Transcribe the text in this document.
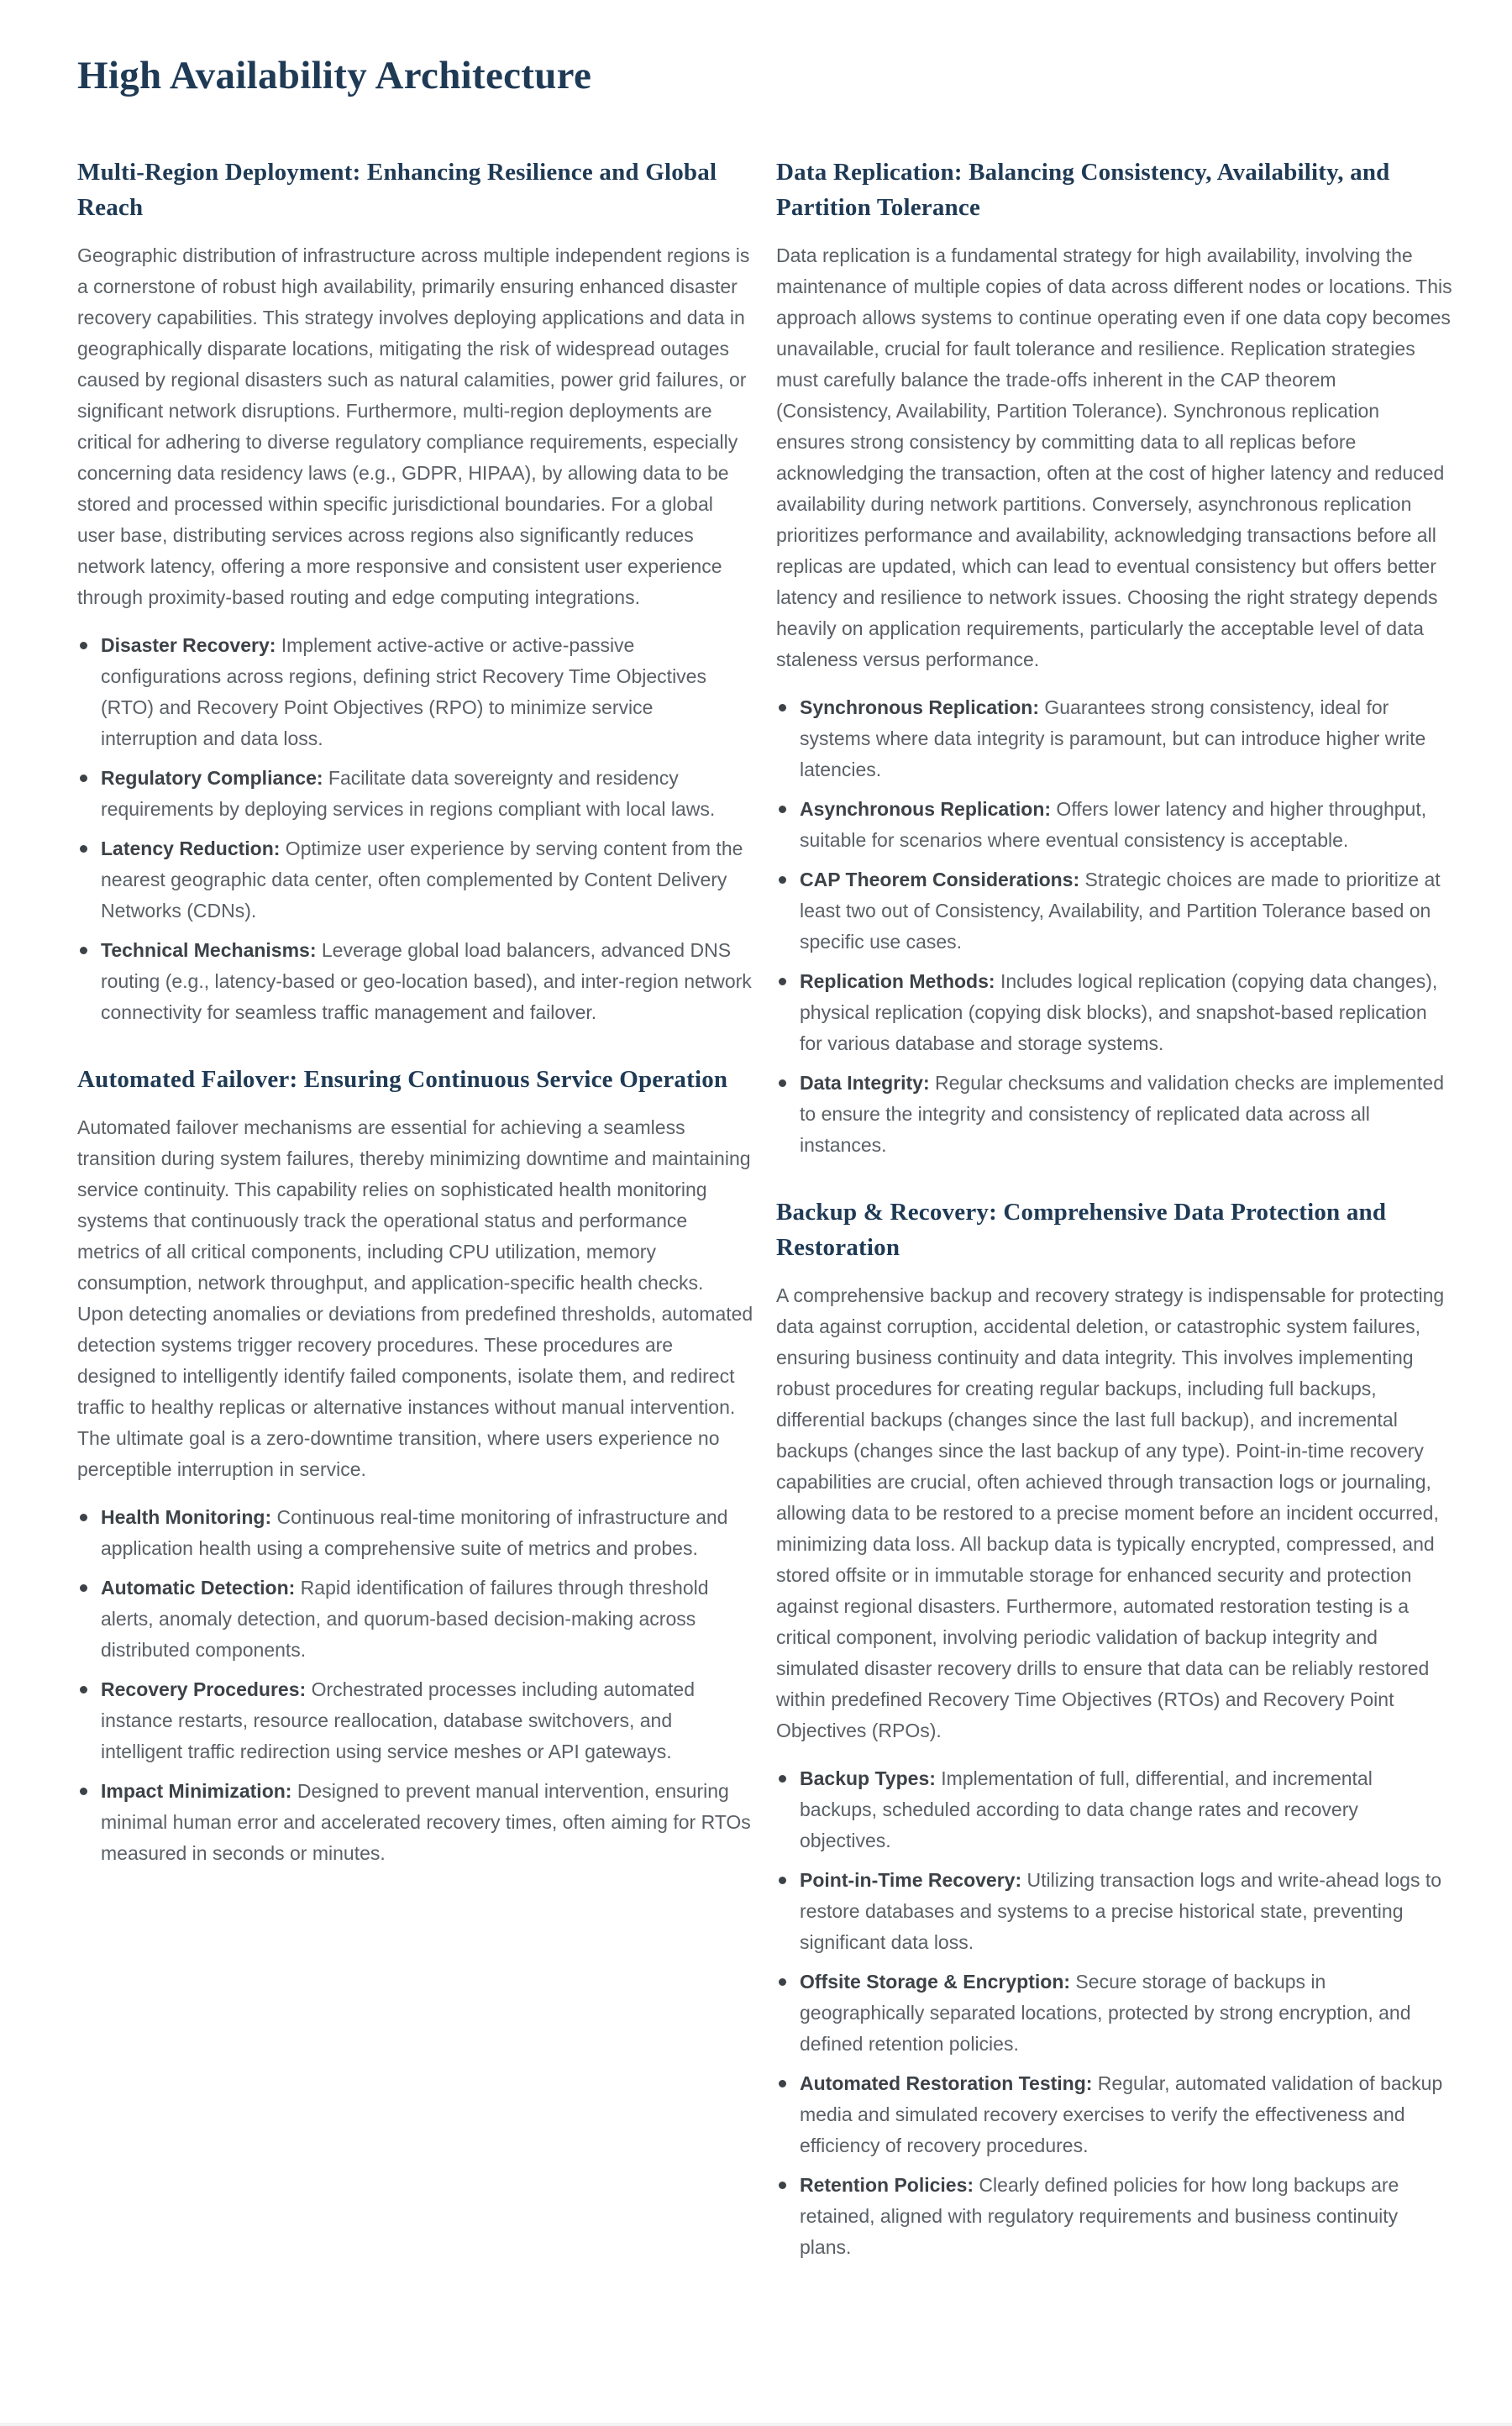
High Availability Architecture
Multi-Region Deployment: Enhancing Resilience and Global Reach

Geographic distribution of infrastructure across multiple independent regions is a cornerstone of robust high availability, primarily ensuring enhanced disaster recovery capabilities. This strategy involves deploying applications and data in geographically disparate locations, mitigating the risk of widespread outages caused by regional disasters such as natural calamities, power grid failures, or significant network disruptions. Furthermore, multi-region deployments are critical for adhering to diverse regulatory compliance requirements, especially concerning data residency laws (e.g., GDPR, HIPAA), by allowing data to be stored and processed within specific jurisdictional boundaries. For a global user base, distributing services across regions also significantly reduces network latency, offering a more responsive and consistent user experience through proximity-based routing and edge computing integrations.

Disaster Recovery: Implement active-active or active-passive configurations across regions, defining strict Recovery Time Objectives (RTO) and Recovery Point Objectives (RPO) to minimize service interruption and data loss.
Regulatory Compliance: Facilitate data sovereignty and residency requirements by deploying services in regions compliant with local laws.
Latency Reduction: Optimize user experience by serving content from the nearest geographic data center, often complemented by Content Delivery Networks (CDNs).
Technical Mechanisms: Leverage global load balancers, advanced DNS routing (e.g., latency-based or geo-location based), and inter-region network connectivity for seamless traffic management and failover.
Automated Failover: Ensuring Continuous Service Operation

Automated failover mechanisms are essential for achieving a seamless transition during system failures, thereby minimizing downtime and maintaining service continuity. This capability relies on sophisticated health monitoring systems that continuously track the operational status and performance metrics of all critical components, including CPU utilization, memory consumption, network throughput, and application-specific health checks. Upon detecting anomalies or deviations from predefined thresholds, automated detection systems trigger recovery procedures. These procedures are designed to intelligently identify failed components, isolate them, and redirect traffic to healthy replicas or alternative instances without manual intervention. The ultimate goal is a zero-downtime transition, where users experience no perceptible interruption in service.

Health Monitoring: Continuous real-time monitoring of infrastructure and application health using a comprehensive suite of metrics and probes.
Automatic Detection: Rapid identification of failures through threshold alerts, anomaly detection, and quorum-based decision-making across distributed components.
Recovery Procedures: Orchestrated processes including automated instance restarts, resource reallocation, database switchovers, and intelligent traffic redirection using service meshes or API gateways.
Impact Minimization: Designed to prevent manual intervention, ensuring minimal human error and accelerated recovery times, often aiming for RTOs measured in seconds or minutes.
Data Replication: Balancing Consistency, Availability, and Partition Tolerance

Data replication is a fundamental strategy for high availability, involving the maintenance of multiple copies of data across different nodes or locations. This approach allows systems to continue operating even if one data copy becomes unavailable, crucial for fault tolerance and resilience. Replication strategies must carefully balance the trade-offs inherent in the CAP theorem (Consistency, Availability, Partition Tolerance). Synchronous replication ensures strong consistency by committing data to all replicas before acknowledging the transaction, often at the cost of higher latency and reduced availability during network partitions. Conversely, asynchronous replication prioritizes performance and availability, acknowledging transactions before all replicas are updated, which can lead to eventual consistency but offers better latency and resilience to network issues. Choosing the right strategy depends heavily on application requirements, particularly the acceptable level of data staleness versus performance.

Synchronous Replication: Guarantees strong consistency, ideal for systems where data integrity is paramount, but can introduce higher write latencies.
Asynchronous Replication: Offers lower latency and higher throughput, suitable for scenarios where eventual consistency is acceptable.
CAP Theorem Considerations: Strategic choices are made to prioritize at least two out of Consistency, Availability, and Partition Tolerance based on specific use cases.
Replication Methods: Includes logical replication (copying data changes), physical replication (copying disk blocks), and snapshot-based replication for various database and storage systems.
Data Integrity: Regular checksums and validation checks are implemented to ensure the integrity and consistency of replicated data across all instances.
Backup & Recovery: Comprehensive Data Protection and Restoration

A comprehensive backup and recovery strategy is indispensable for protecting data against corruption, accidental deletion, or catastrophic system failures, ensuring business continuity and data integrity. This involves implementing robust procedures for creating regular backups, including full backups, differential backups (changes since the last full backup), and incremental backups (changes since the last backup of any type). Point-in-time recovery capabilities are crucial, often achieved through transaction logs or journaling, allowing data to be restored to a precise moment before an incident occurred, minimizing data loss. All backup data is typically encrypted, compressed, and stored offsite or in immutable storage for enhanced security and protection against regional disasters. Furthermore, automated restoration testing is a critical component, involving periodic validation of backup integrity and simulated disaster recovery drills to ensure that data can be reliably restored within predefined Recovery Time Objectives (RTOs) and Recovery Point Objectives (RPOs).

Backup Types: Implementation of full, differential, and incremental backups, scheduled according to data change rates and recovery objectives.
Point-in-Time Recovery: Utilizing transaction logs and write-ahead logs to restore databases and systems to a precise historical state, preventing significant data loss.
Offsite Storage & Encryption: Secure storage of backups in geographically separated locations, protected by strong encryption, and defined retention policies.
Automated Restoration Testing: Regular, automated validation of backup media and simulated recovery exercises to verify the effectiveness and efficiency of recovery procedures.
Retention Policies: Clearly defined policies for how long backups are retained, aligned with regulatory requirements and business continuity plans.
